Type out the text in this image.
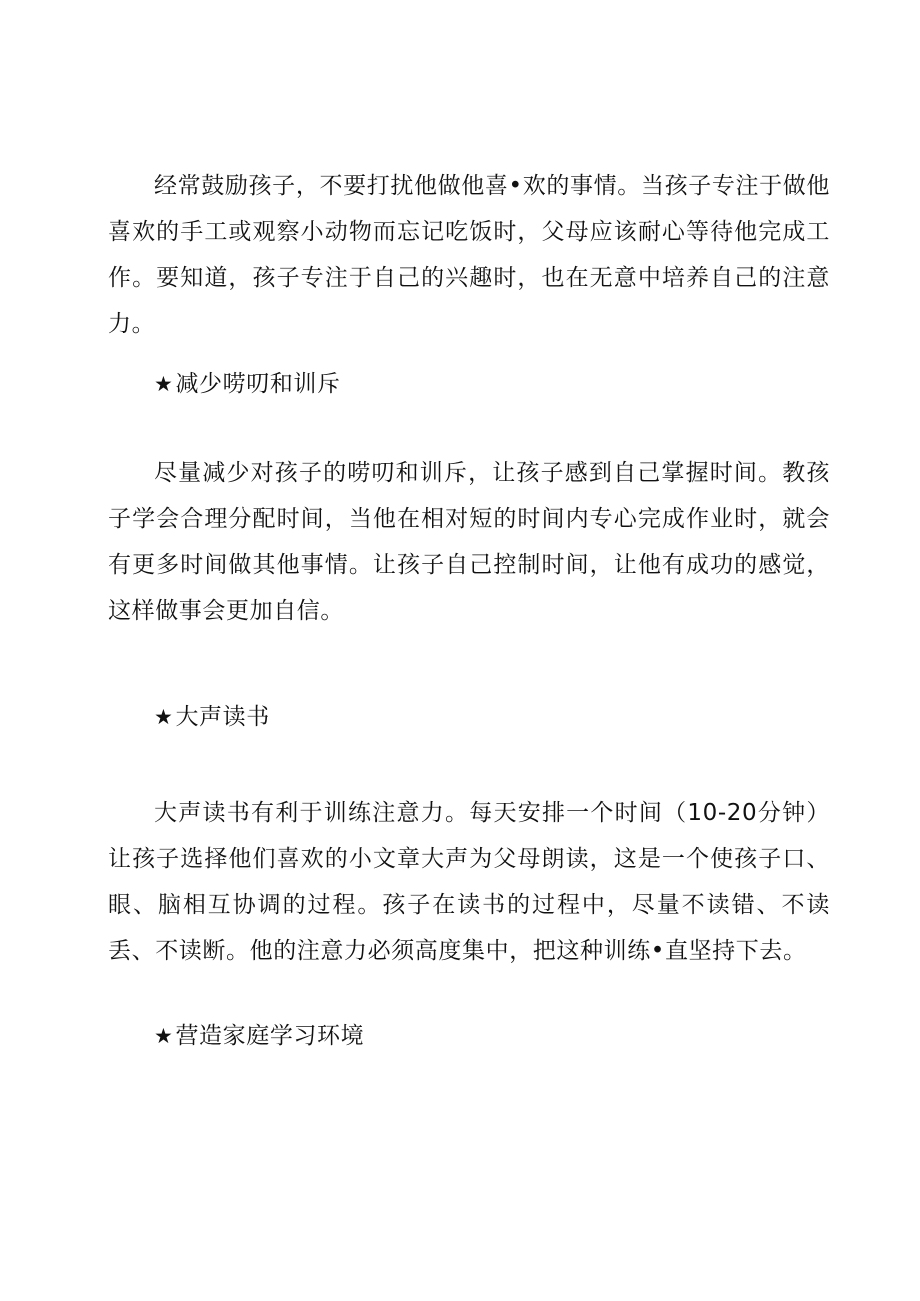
经常鼓励孩子，不要打扰他做他喜•欢的事情。当孩子专注于做他喜欢的手工或观察小动物而忘记吃饭时，父母应该耐心等待他完成工作。要知道，孩子专注于自己的兴趣时，也在无意中培养自己的注意力。

★减少唠叨和训斥

尽量减少对孩子的唠叨和训斥，让孩子感到自己掌握时间。教孩子学会合理分配时间，当他在相对短的时间内专心完成作业时，就会有更多时间做其他事情。让孩子自己控制时间，让他有成功的感觉，这样做事会更加自信。

★大声读书

大声读书有利于训练注意力。每天安排一个时间（10-20分钟）让孩子选择他们喜欢的小文章大声为父母朗读，这是一个使孩子口、眼、脑相互协调的过程。孩子在读书的过程中，尽量不读错、不读丢、不读断。他的注意力必须高度集中，把这种训练•直坚持下去。

★营造家庭学习环境
